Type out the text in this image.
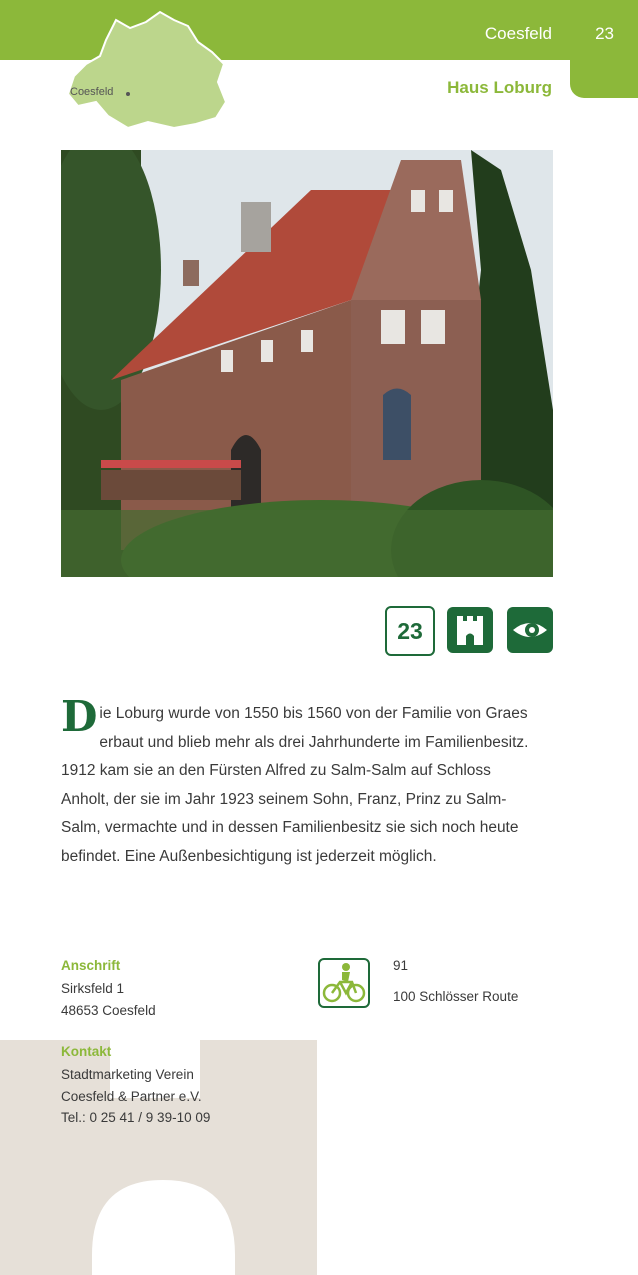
Coesfeld	23
Coesfeld	Haus Loburg
23
Die Loburg wurde von 1550 bis 1560 von der Familie von Graes erbaut und blieb mehr als drei Jahrhunderte im Familienbesitz. 1912 kam sie an den Fürsten Alfred zu Salm-Salm auf Schloss Anholt, der sie im Jahr 1923 seinem Sohn, Franz, Prinz zu Salm-Salm, vermachte und in dessen Familienbesitz sie sich noch heute befindet. Eine Außenbesichtigung ist jederzeit möglich.
Anschrift
Sirksfeld 1
48653 Coesfeld
Kontakt
Stadtmarketing Verein
Coesfeld & Partner e.V.
Tel.: 0 25 41 / 9 39-10 09
91
100 Schlösser Route
